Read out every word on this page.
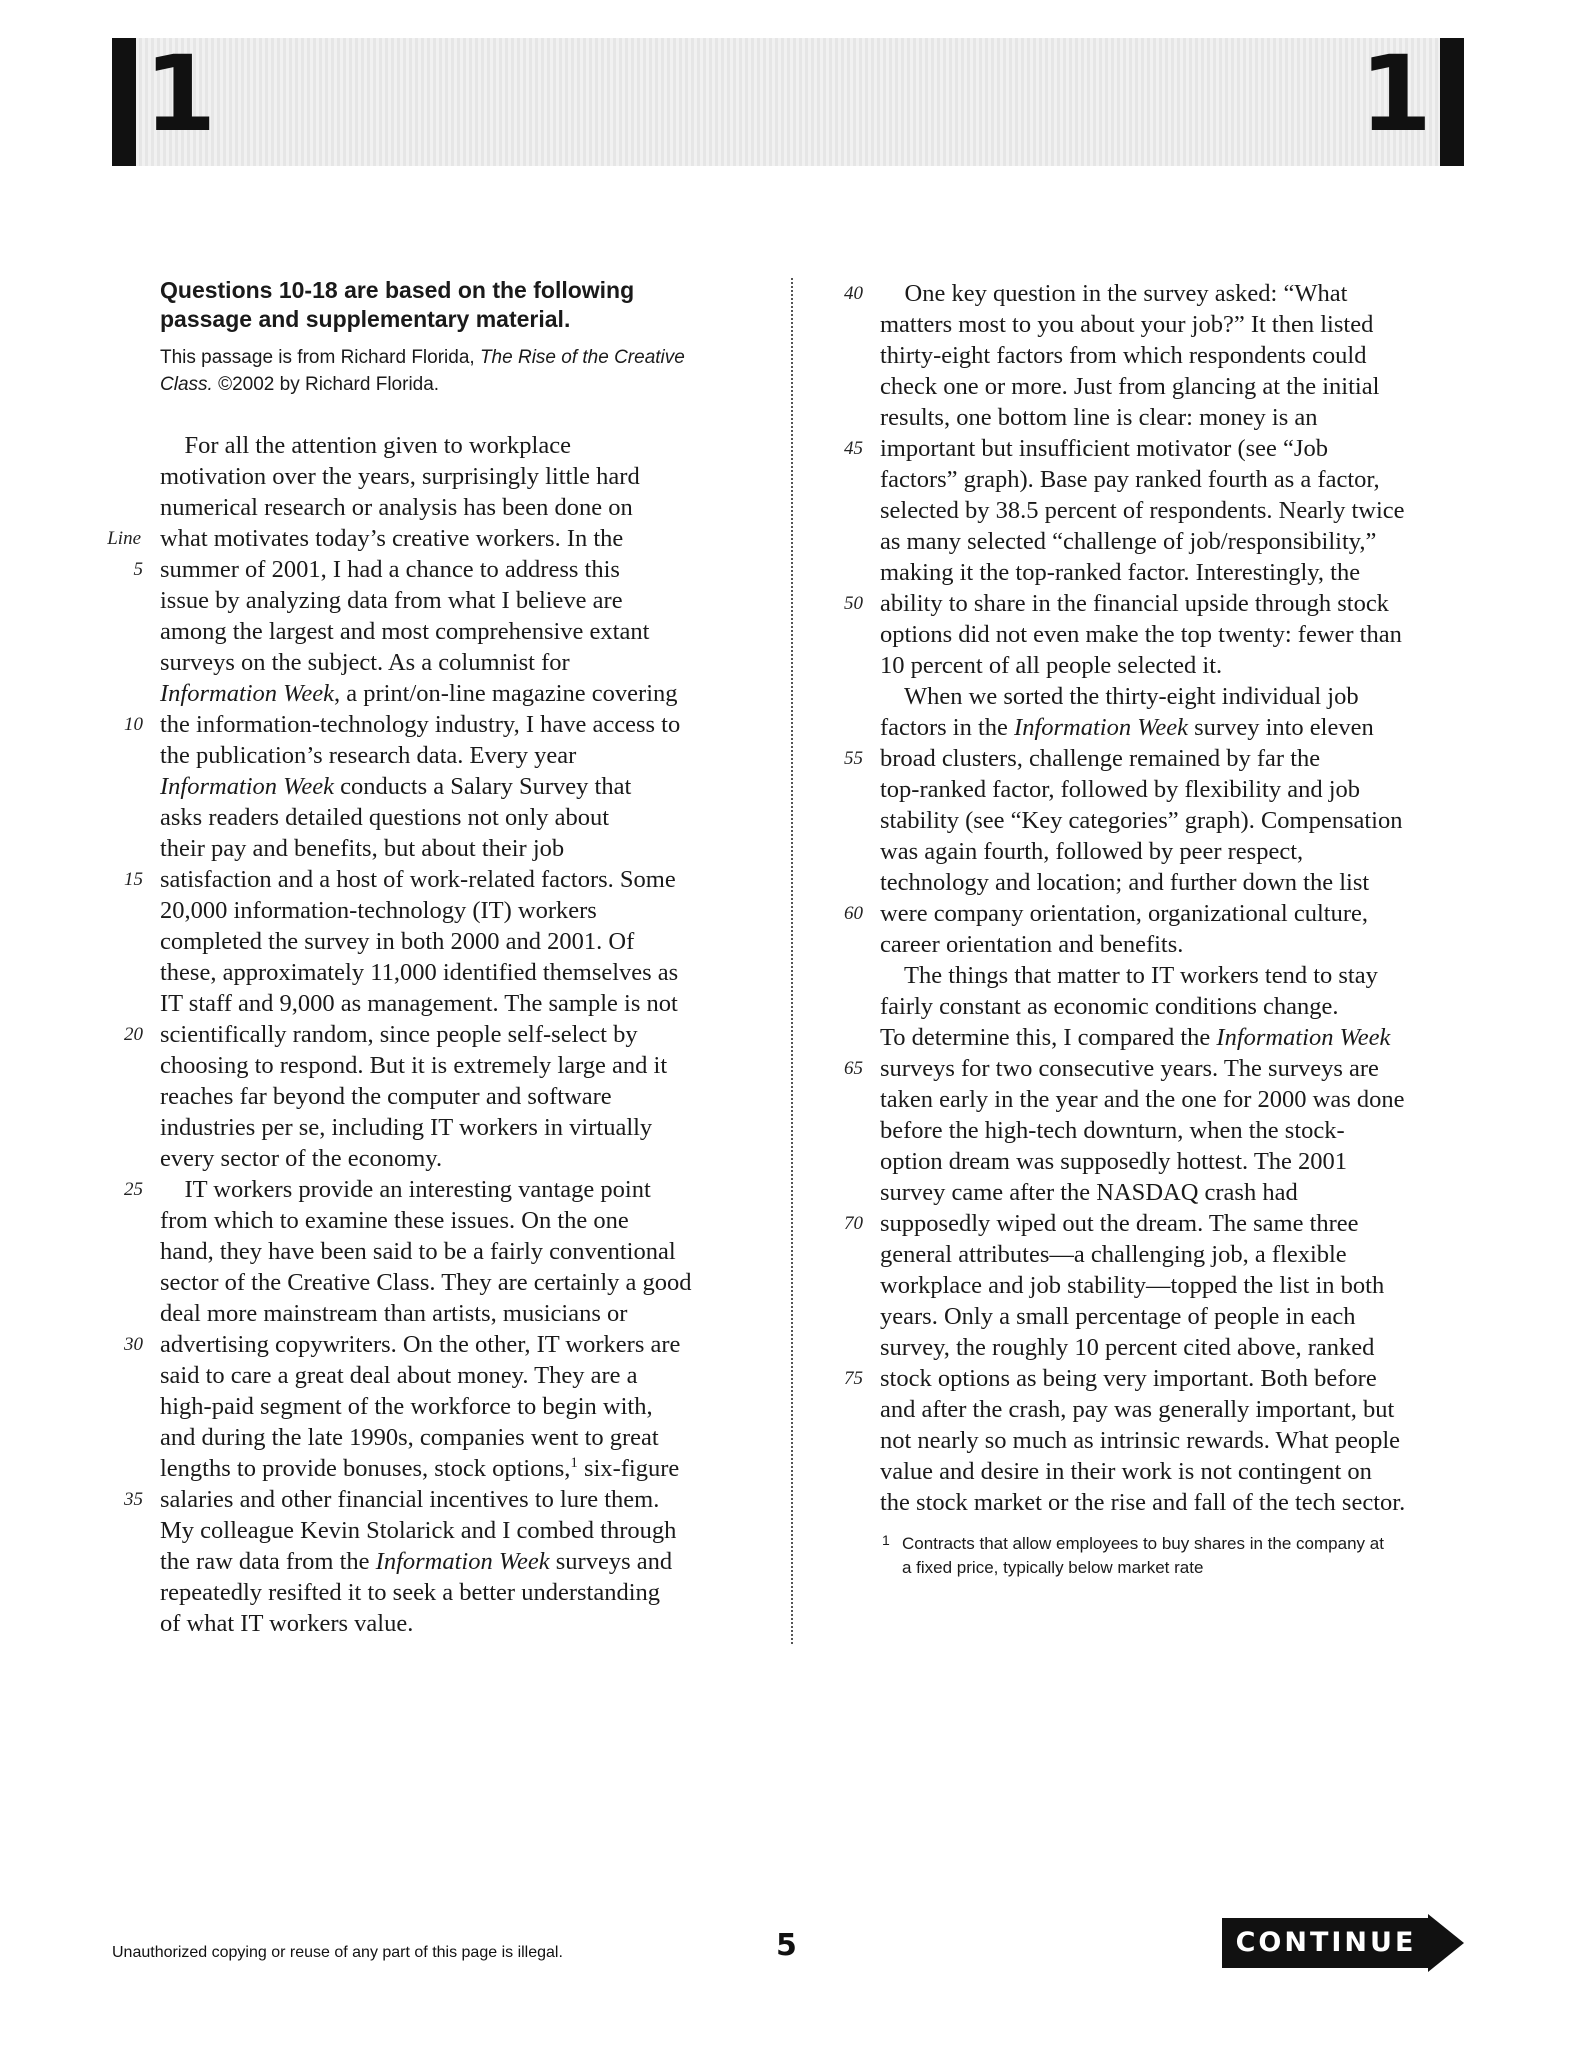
1	1

Questions 10-18 are based on the following
passage and supplementary material.

This passage is from Richard Florida, The Rise of the Creative
Class. ©2002 by Richard Florida.

For all the attention given to workplace
motivation over the years, surprisingly little hard
numerical research or analysis has been done on
Line what motivates today’s creative workers. In the
5 summer of 2001, I had a chance to address this
issue by analyzing data from what I believe are
among the largest and most comprehensive extant
surveys on the subject. As a columnist for
Information Week, a print/on-line magazine covering
10 the information-technology industry, I have access to
the publication’s research data. Every year
Information Week conducts a Salary Survey that
asks readers detailed questions not only about
their pay and benefits, but about their job
15 satisfaction and a host of work-related factors. Some
20,000 information-technology (IT) workers
completed the survey in both 2000 and 2001. Of
these, approximately 11,000 identified themselves as
IT staff and 9,000 as management. The sample is not
20 scientifically random, since people self-select by
choosing to respond. But it is extremely large and it
reaches far beyond the computer and software
industries per se, including IT workers in virtually
every sector of the economy.
25 IT workers provide an interesting vantage point
from which to examine these issues. On the one
hand, they have been said to be a fairly conventional
sector of the Creative Class. They are certainly a good
deal more mainstream than artists, musicians or
30 advertising copywriters. On the other, IT workers are
said to care a great deal about money. They are a
high-paid segment of the workforce to begin with,
and during the late 1990s, companies went to great
lengths to provide bonuses, stock options,$^1$ six-figure
35 salaries and other financial incentives to lure them.
My colleague Kevin Stolarick and I combed through
the raw data from the Information Week surveys and
repeatedly resifted it to seek a better understanding
of what IT workers value.
40 One key question in the survey asked: “What
matters most to you about your job?” It then listed
thirty-eight factors from which respondents could
check one or more. Just from glancing at the initial
results, one bottom line is clear: money is an
45 important but insufficient motivator (see “Job
factors” graph). Base pay ranked fourth as a factor,
selected by 38.5 percent of respondents. Nearly twice
as many selected “challenge of job/responsibility,”
making it the top-ranked factor. Interestingly, the
50 ability to share in the financial upside through stock
options did not even make the top twenty: fewer than
10 percent of all people selected it.
When we sorted the thirty-eight individual job
factors in the Information Week survey into eleven
55 broad clusters, challenge remained by far the
top-ranked factor, followed by flexibility and job
stability (see “Key categories” graph). Compensation
was again fourth, followed by peer respect,
technology and location; and further down the list
60 were company orientation, organizational culture,
career orientation and benefits.
The things that matter to IT workers tend to stay
fairly constant as economic conditions change.
To determine this, I compared the Information Week
65 surveys for two consecutive years. The surveys are
taken early in the year and the one for 2000 was done
before the high-tech downturn, when the stock-
option dream was supposedly hottest. The 2001
survey came after the NASDAQ crash had
70 supposedly wiped out the dream. The same three
general attributes—a challenging job, a flexible
workplace and job stability—topped the list in both
years. Only a small percentage of people in each
survey, the roughly 10 percent cited above, ranked
75 stock options as being very important. Both before
and after the crash, pay was generally important, but
not nearly so much as intrinsic rewards. What people
value and desire in their work is not contingent on
the stock market or the rise and fall of the tech sector.
1 Contracts that allow employees to buy shares in the company at
a fixed price, typically below market rate
Unauthorized copying or reuse of any part of this page is illegal.	5	CONTINUE
